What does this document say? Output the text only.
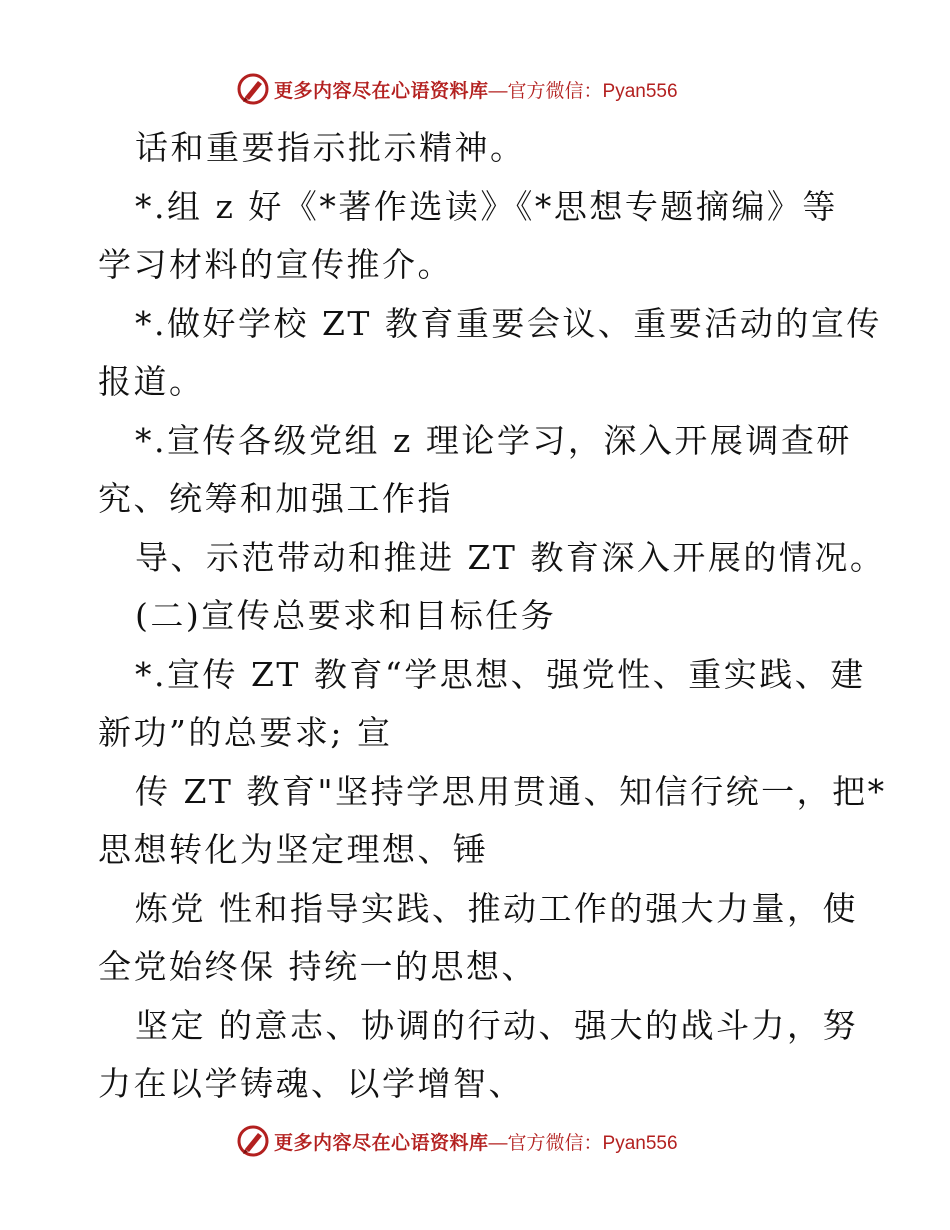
更多内容尽在心语资料库 —官方微信：Pyan556

话和重要指示批示精神。

*.组 z 好《*著作选读》《*思想专题摘编》等

学习材料的宣传推介。

*.做好学校 ZT 教育重要会议、重要活动的宣传

报道。

*.宣传各级党组 z 理论学习，深入开展调查研

究、统筹和加强工作指

导、示范带动和推进 ZT 教育深入开展的情况。

(二)宣传总要求和目标任务

*.宣传 ZT 教育“学思想、强党性、重实践、建

新功”的总要求; 宣

传 ZT 教育"坚持学思用贯通、知信行统一，把*

思想转化为坚定理想、锤

炼党 性和指导实践、推动工作的强大力量，使

全党始终保 持统一的思想、

坚定 的意志、协调的行动、强大的战斗力，努

力在以学铸魂、以学增智、

更多内容尽在心语资料库 —官方微信：Pyan556
